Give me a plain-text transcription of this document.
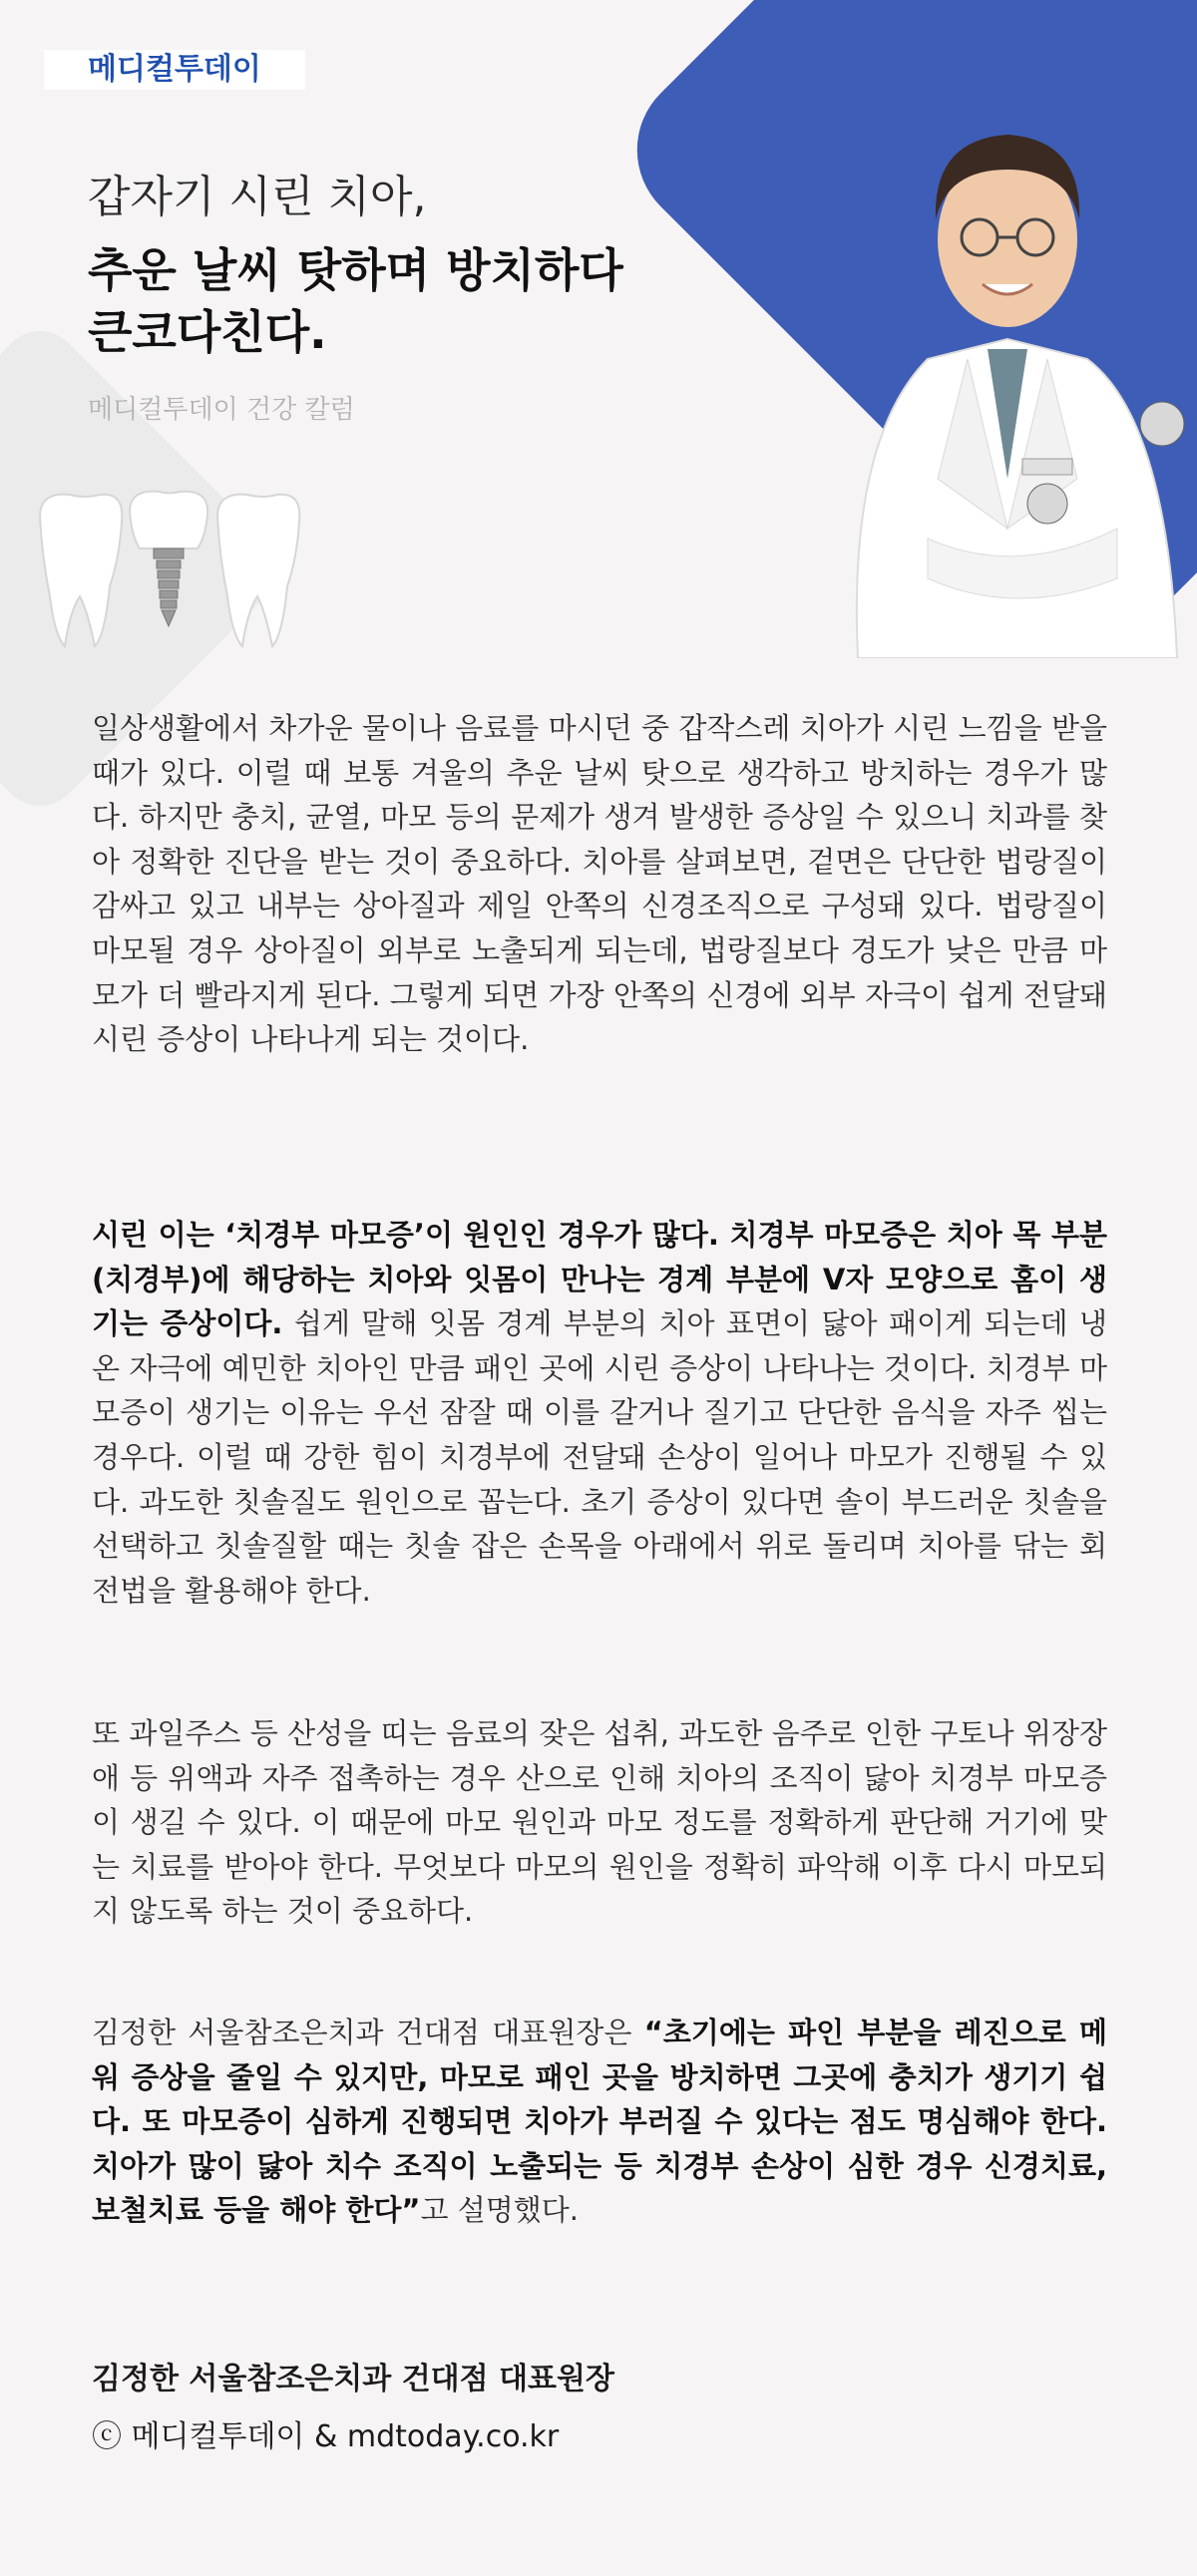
메디컬투데이

갑자기 시린 치아,

추운 날씨 탓하며 방치하다

큰코다친다.

메디컬투데이 건강 칼럼

일상생활에서 차가운 물이나 음료를 마시던 중 갑작스레 치아가 시린 느낌을 받을 때가 있다. 이럴 때 보통 겨울의 추운 날씨 탓으로 생각하고 방치하는 경우가 많다. 하지만 충치, 균열, 마모 등의 문제가 생겨 발생한 증상일 수 있으니 치과를 찾아 정확한 진단을 받는 것이 중요하다. 치아를 살펴보면, 겉면은 단단한 법랑질이 감싸고 있고 내부는 상아질과 제일 안쪽의 신경조직으로 구성돼 있다. 법랑질이 마모될 경우 상아질이 외부로 노출되게 되는데, 법랑질보다 경도가 낮은 만큼 마모가 더 빨라지게 된다. 그렇게 되면 가장 안쪽의 신경에 외부 자극이 쉽게 전달돼 시린 증상이 나타나게 되는 것이다.

시린 이는 ‘치경부 마모증’이 원인인 경우가 많다. 치경부 마모증은 치아 목 부분(치경부)에 해당하는 치아와 잇몸이 만나는 경계 부분에 V자 모양으로 홈이 생기는 증상이다. 쉽게 말해 잇몸 경계 부분의 치아 표면이 닳아 패이게 되는데 냉온 자극에 예민한 치아인 만큼 패인 곳에 시린 증상이 나타나는 것이다. 치경부 마모증이 생기는 이유는 우선 잠잘 때 이를 갈거나 질기고 단단한 음식을 자주 씹는 경우다. 이럴 때 강한 힘이 치경부에 전달돼 손상이 일어나 마모가 진행될 수 있다. 과도한 칫솔질도 원인으로 꼽는다. 초기 증상이 있다면 솔이 부드러운 칫솔을 선택하고 칫솔질할 때는 칫솔 잡은 손목을 아래에서 위로 돌리며 치아를 닦는 회전법을 활용해야 한다.

또 과일주스 등 산성을 띠는 음료의 잦은 섭취, 과도한 음주로 인한 구토나 위장장애 등 위액과 자주 접촉하는 경우 산으로 인해 치아의 조직이 닳아 치경부 마모증이 생길 수 있다. 이 때문에 마모 원인과 마모 정도를 정확하게 판단해 거기에 맞는 치료를 받아야 한다. 무엇보다 마모의 원인을 정확히 파악해 이후 다시 마모되지 않도록 하는 것이 중요하다.

김정한 서울참조은치과 건대점 대표원장은 “초기에는 파인 부분을 레진으로 메워 증상을 줄일 수 있지만, 마모로 패인 곳을 방치하면 그곳에 충치가 생기기 쉽다. 또 마모증이 심하게 진행되면 치아가 부러질 수 있다는 점도 명심해야 한다. 치아가 많이 닳아 치수 조직이 노출되는 등 치경부 손상이 심한 경우 신경치료, 보철치료 등을 해야 한다”고 설명했다.

김정한 서울참조은치과 건대점 대표원장

ⓒ 메디컬투데이 & mdtoday.co.kr
